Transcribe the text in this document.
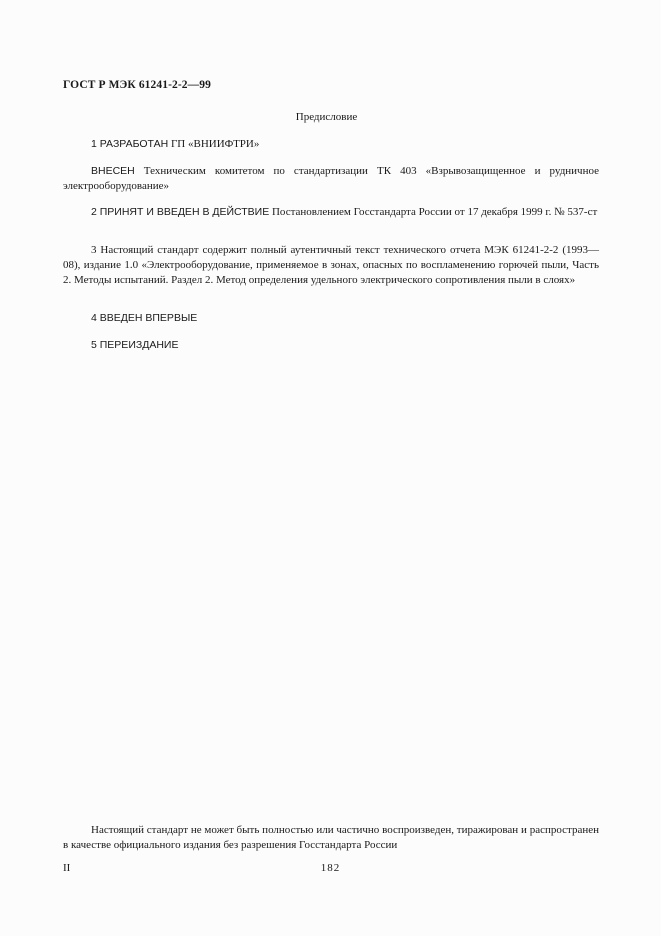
ГОСТ Р МЭК 61241-2-2—99
Предисловие
1 РАЗРАБОТАН ГП «ВНИИФТРИ»
ВНЕСЕН Техническим комитетом по стандартизации ТК 403 «Взрывозащищенное и рудничное электрооборудование»
2 ПРИНЯТ И ВВЕДЕН В ДЕЙСТВИЕ Постановлением Госстандарта России от 17 декабря 1999 г. № 537-ст
3 Настоящий стандарт содержит полный аутентичный текст технического отчета МЭК 61241-2-2 (1993—08), издание 1.0 «Электрооборудование, применяемое в зонах, опасных по воспламенению горючей пыли, Часть 2. Методы испытаний. Раздел 2. Метод определения удельного электрического сопротивления пыли в слоях»
4 ВВЕДЕН ВПЕРВЫЕ
5 ПЕРЕИЗДАНИЕ
Настоящий стандарт не может быть полностью или частично воспроизведен, тиражирован и распространен в качестве официального издания без разрешения Госстандарта России
II	182
